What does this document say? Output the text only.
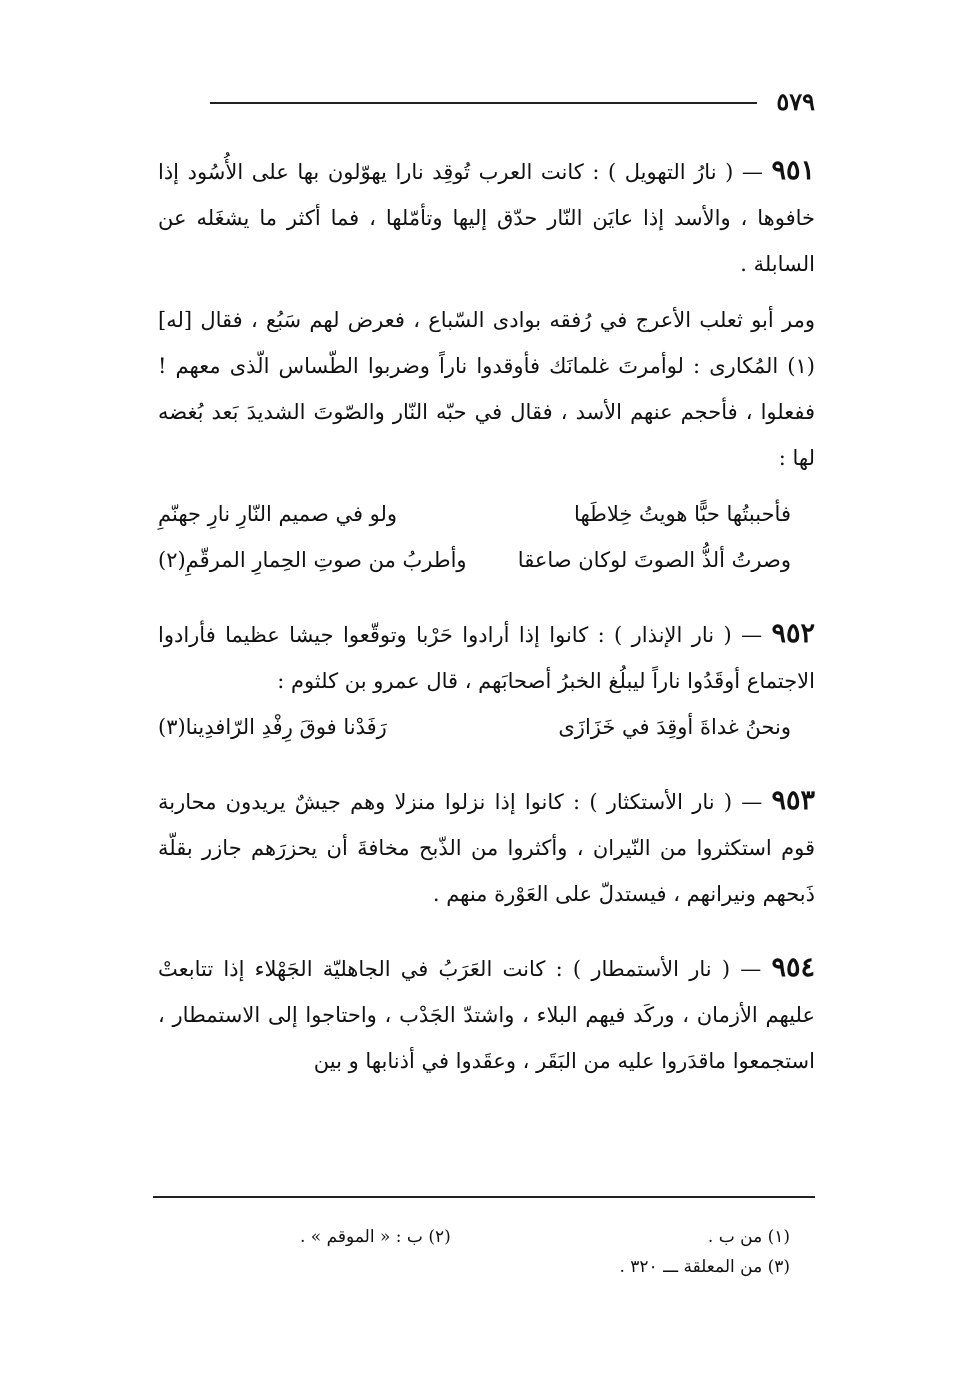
٥٧٩

٩٥١ — ( نارُ التهويل ) : كانت العرب تُوقِد نارا يهوّلون بها على الأُسُود إذا خافوها ، والأسد إذا عايَن النّار حدّق إليها وتأمّلها ، فما أكثر ما يشغَله عن السابلة .

ومر أبو ثعلب الأعرج في رُفقه بوادى السّباع ، فعرض لهم سَبُع ، فقال [له](١) المُكارى : لوأمرتَ غلمانَك فأوقدوا ناراً وضربوا الطّساس الّذى معهم ! ففعلوا ، فأحجم عنهم الأسد ، فقال في حبّه النّار والصّوتَ الشديدَ بَعد بُغضه لها :

فأحببتُها حبًّا هويتُ خِلاطَها
ولو في صميم النّارِ نارِ جهنّمِ
وصرتُ ألذُّ الصوتَ لوكان صاعقا
وأطربُ من صوتِ الحِمارِ المرقّمِ(٢)

٩٥٢ — ( نار الإنذار ) : كانوا إذا أرادوا حَرْبا وتوقّعوا جيشا عظيما فأرادوا الاجتماع أوقَدُوا ناراً ليبلُغ الخبرُ أصحابَهم ، قال عمرو بن كلثوم :

ونحنُ غداةَ أوقِدَ في خَزَازَى
رَفَدْنا فوقَ رِفْدِ الرّافدِينا(٣)

٩٥٣ — ( نار الأستكثار ) : كانوا إذا نزلوا منزلا وهم جيشٌ يريدون محاربة قوم استكثروا من النّيران ، وأكثروا من الذّبح مخافةَ أن يحزرَهم جازر بقلّة ذَبحهم ونيرانهم ، فيستدلّ على العَوْرة منهم .

٩٥٤ — ( نار الأستمطار ) : كانت العَرَبُ في الجاهليّة الجَهْلاء إذا تتابعتْ عليهم الأزمان ، وركَد فيهم البلاء ، واشتدّ الجَدْب ، واحتاجوا إلى الاستمطار ، استجمعوا ماقدَروا عليه من البَقَر ، وعقَدوا في أذنابها و بين

(١) من ب .
(٢) ب : « الموقم » .
(٣) من المعلقة ـــ ٣٢٠ .
